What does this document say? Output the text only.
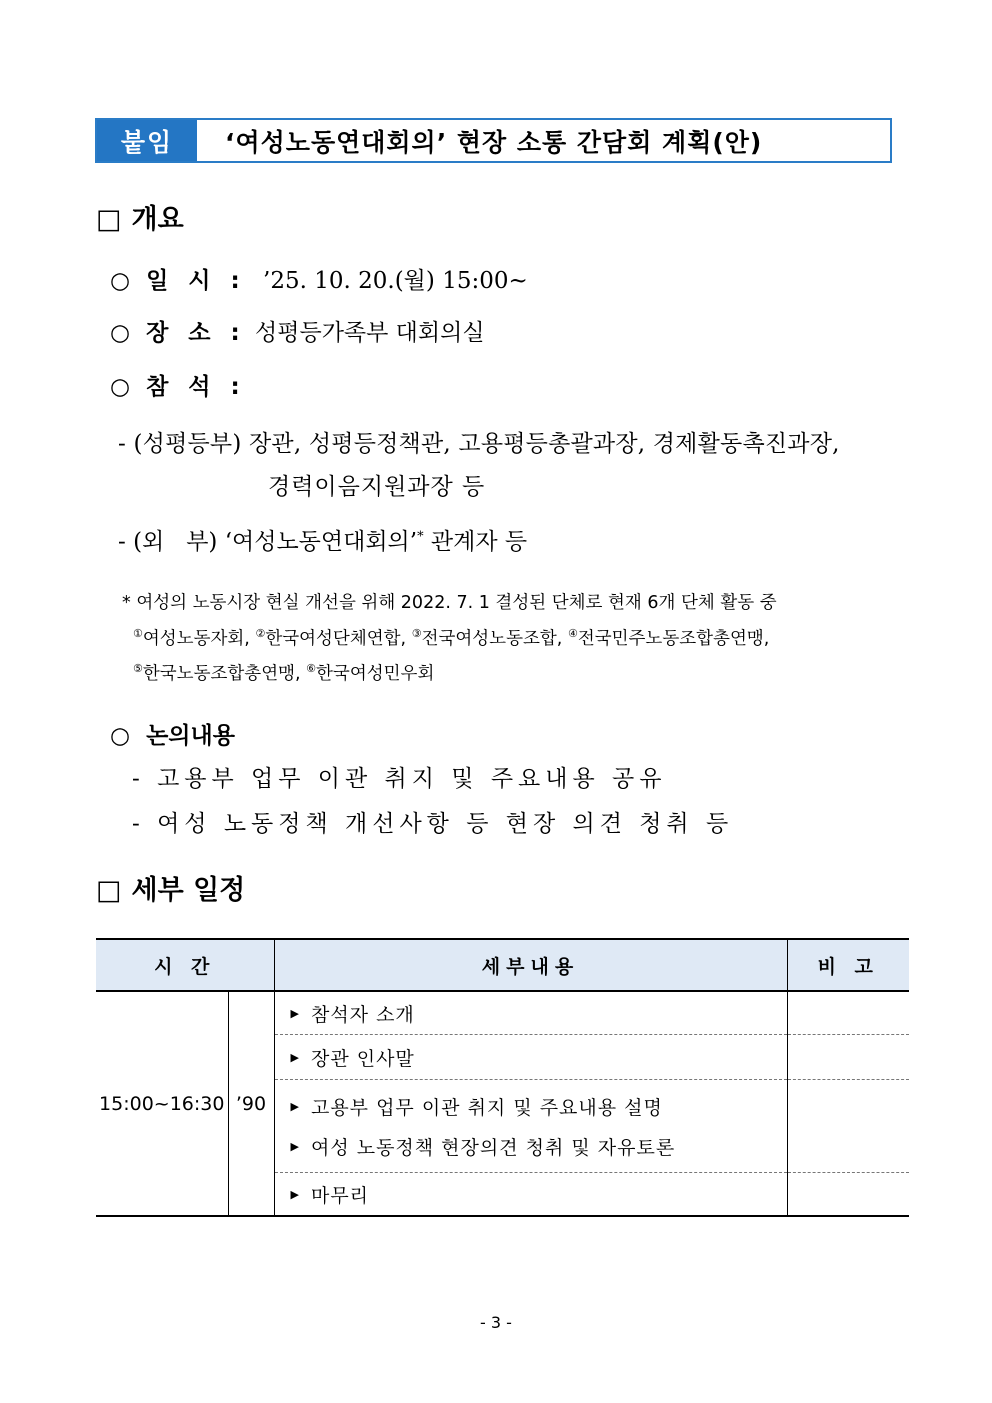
붙임	‘여성노동연대회의’ 현장 소통 간담회 계획(안)
□ 개요
○ 일 시 : ’25. 10. 20.(월) 15:00~
○ 장 소 : 성평등가족부 대회의실
○ 참 석 :
- (성평등부) 장관, 성평등정책관, 고용평등총괄과장, 경제활동촉진과장,
경력이음지원과장 등
- (외   부) ‘여성노동연대회의’* 관계자 등
* 여성의 노동시장 현실 개선을 위해 2022. 7. 1 결성된 단체로 현재 6개 단체 활동 중
①여성노동자회, ②한국여성단체연합, ③전국여성노동조합, ④전국민주노동조합총연맹,
⑤한국노동조합총연맹, ⑥한국여성민우회
○ 논의내용
- 고용부 업무 이관 취지 및 주요내용 공유
- 여성 노동정책 개선사항 등 현장 의견 청취 등
□ 세부 일정
시 간		세부내용	비 고
15:00~16:30	’90	▶ 참석자 소개	

		▶ 장관 인사말	

		▶ 고용부 업무 이관 취지 및 주요내용 설명
▶ 여성 노동정책 현장의견 청취 및 자유토론	

		▶ 마무리	

- 3 -
